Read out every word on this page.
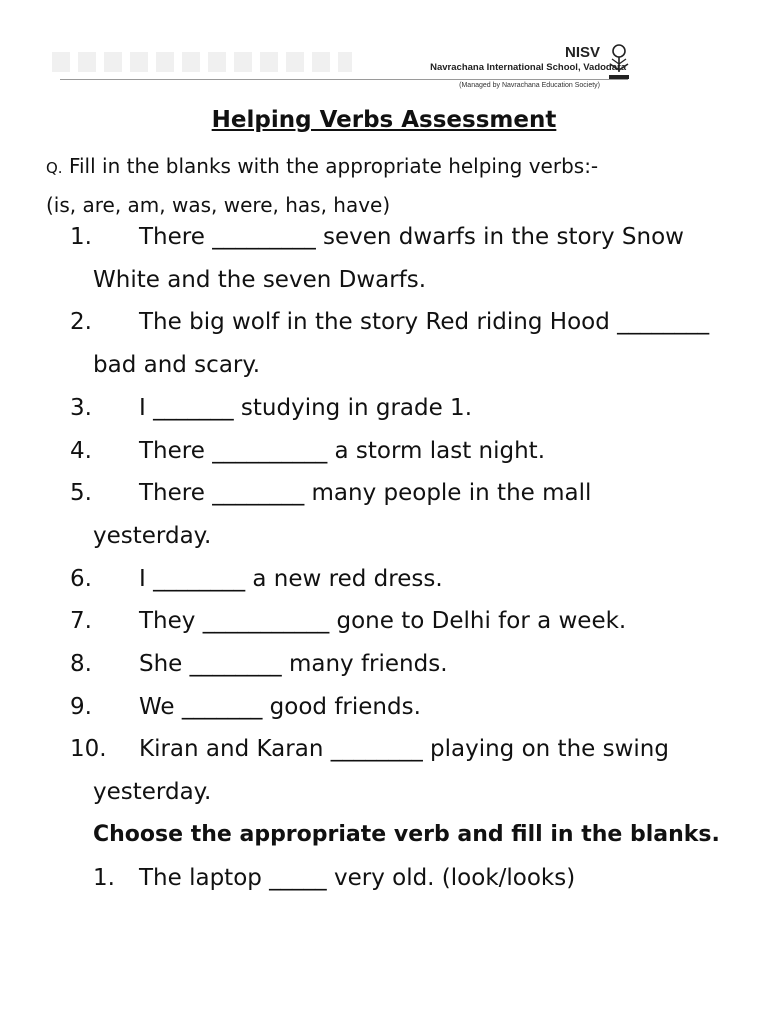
NISV
Navrachana International School, Vadodara
(Managed by Navrachana Education Society)
Helping Verbs Assessment
Q. Fill in the blanks with the appropriate helping verbs:-
(is, are, am, was, were, has, have)
1.	There _________ seven dwarfs in the story Snow White and the seven Dwarfs.
2.	The big wolf in the story Red riding Hood ________ bad and scary.
3.	I _______ studying in grade 1.
4.	There __________ a storm last night.
5.	There ________ many people in the mall yesterday.
6.	I ________ a new red dress.
7.	They ___________ gone to Delhi for a week.
8.	She ________ many friends.
9.	We _______ good friends.
10.	Kiran and Karan ________ playing on the swing yesterday.
Choose the appropriate verb and fill in the blanks.
1. The laptop _____ very old. (look/looks)
